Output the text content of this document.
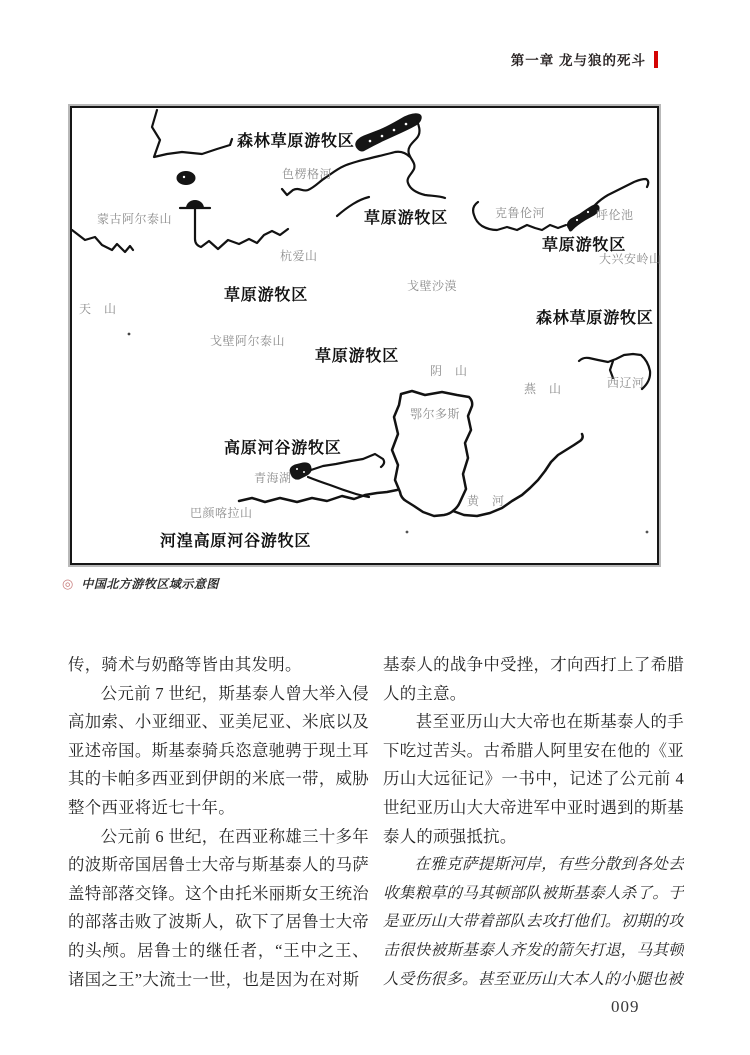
第一章 龙与狼的死斗
森林草原游牧区
草原游牧区
草原游牧区
草原游牧区
森林草原游牧区
草原游牧区
高原河谷游牧区
河湟高原河谷游牧区
色楞格河
蒙古阿尔泰山	克鲁伦河	呼伦池
大兴安岭山
杭爱山
天　山
戈壁沙漠
戈壁阿尔泰山
阴　山
燕　山	西辽河
鄂尔多斯
青海湖
黄　河
巴颜喀拉山
◎ 中国北方游牧区域示意图

传，骑术与奶酪等皆由其发明。

公元前 7 世纪，斯基泰人曾大举入侵高加索、小亚细亚、亚美尼亚、米底以及亚述帝国。斯基泰骑兵恣意驰骋于现土耳其的卡帕多西亚到伊朗的米底一带，威胁整个西亚将近七十年。

公元前 6 世纪，在西亚称雄三十多年的波斯帝国居鲁士大帝与斯基泰人的马萨盖特部落交锋。这个由托米丽斯女王统治的部落击败了波斯人，砍下了居鲁士大帝的头颅。居鲁士的继任者，“王中之王、诸国之王”大流士一世，也是因为在对斯

基泰人的战争中受挫，才向西打上了希腊人的主意。

甚至亚历山大大帝也在斯基泰人的手下吃过苦头。古希腊人阿里安在他的《亚历山大远征记》一书中，记述了公元前 4 世纪亚历山大大帝进军中亚时遇到的斯基泰人的顽强抵抗。

在雅克萨提斯河岸，有些分散到各处去收集粮草的马其顿部队被斯基泰人杀了。于是亚历山大带着部队去攻打他们。初期的攻击很快被斯基泰人齐发的箭矢打退，马其顿人受伤很多。甚至亚历山大本人的小腿也被

009
